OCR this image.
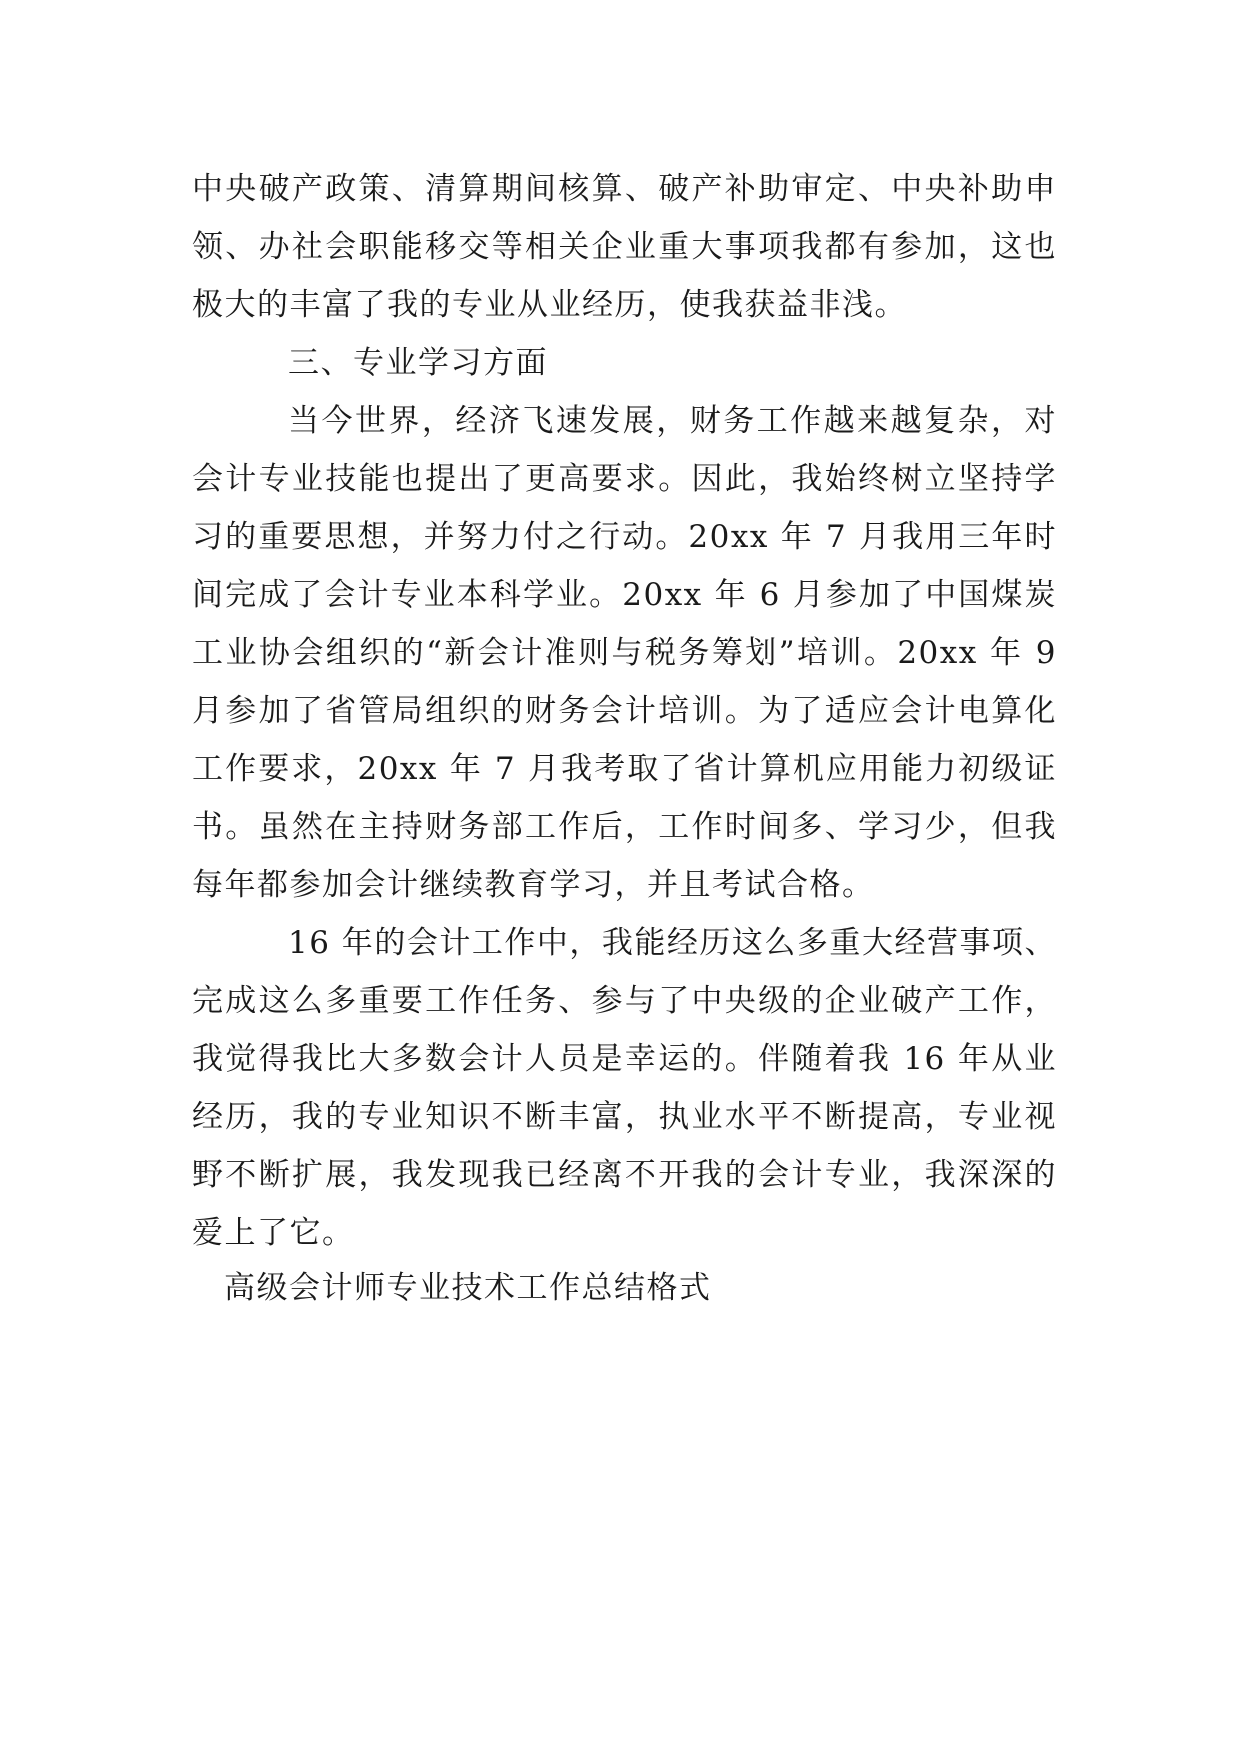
中央破产政策、清算期间核算、破产补助审定、中央补助申领、办社会职能移交等相关企业重大事项我都有参加，这也极大的丰富了我的专业从业经历，使我获益非浅。

三、专业学习方面

当今世界，经济飞速发展，财务工作越来越复杂，对会计专业技能也提出了更高要求。因此，我始终树立坚持学习的重要思想，并努力付之行动。20xx 年 7 月我用三年时间完成了会计专业本科学业。20xx 年 6 月参加了中国煤炭工业协会组织的“新会计准则与税务筹划”培训。20xx 年 9 月参加了省管局组织的财务会计培训。为了适应会计电算化工作要求，20xx 年 7 月我考取了省计算机应用能力初级证书。虽然在主持财务部工作后，工作时间多、学习少，但我每年都参加会计继续教育学习，并且考试合格。

16 年的会计工作中，我能经历这么多重大经营事项、完成这么多重要工作任务、参与了中央级的企业破产工作，我觉得我比大多数会计人员是幸运的。伴随着我 16 年从业经历，我的专业知识不断丰富，执业水平不断提高，专业视野不断扩展，我发现我已经离不开我的会计专业，我深深的爱上了它。

高级会计师专业技术工作总结格式
